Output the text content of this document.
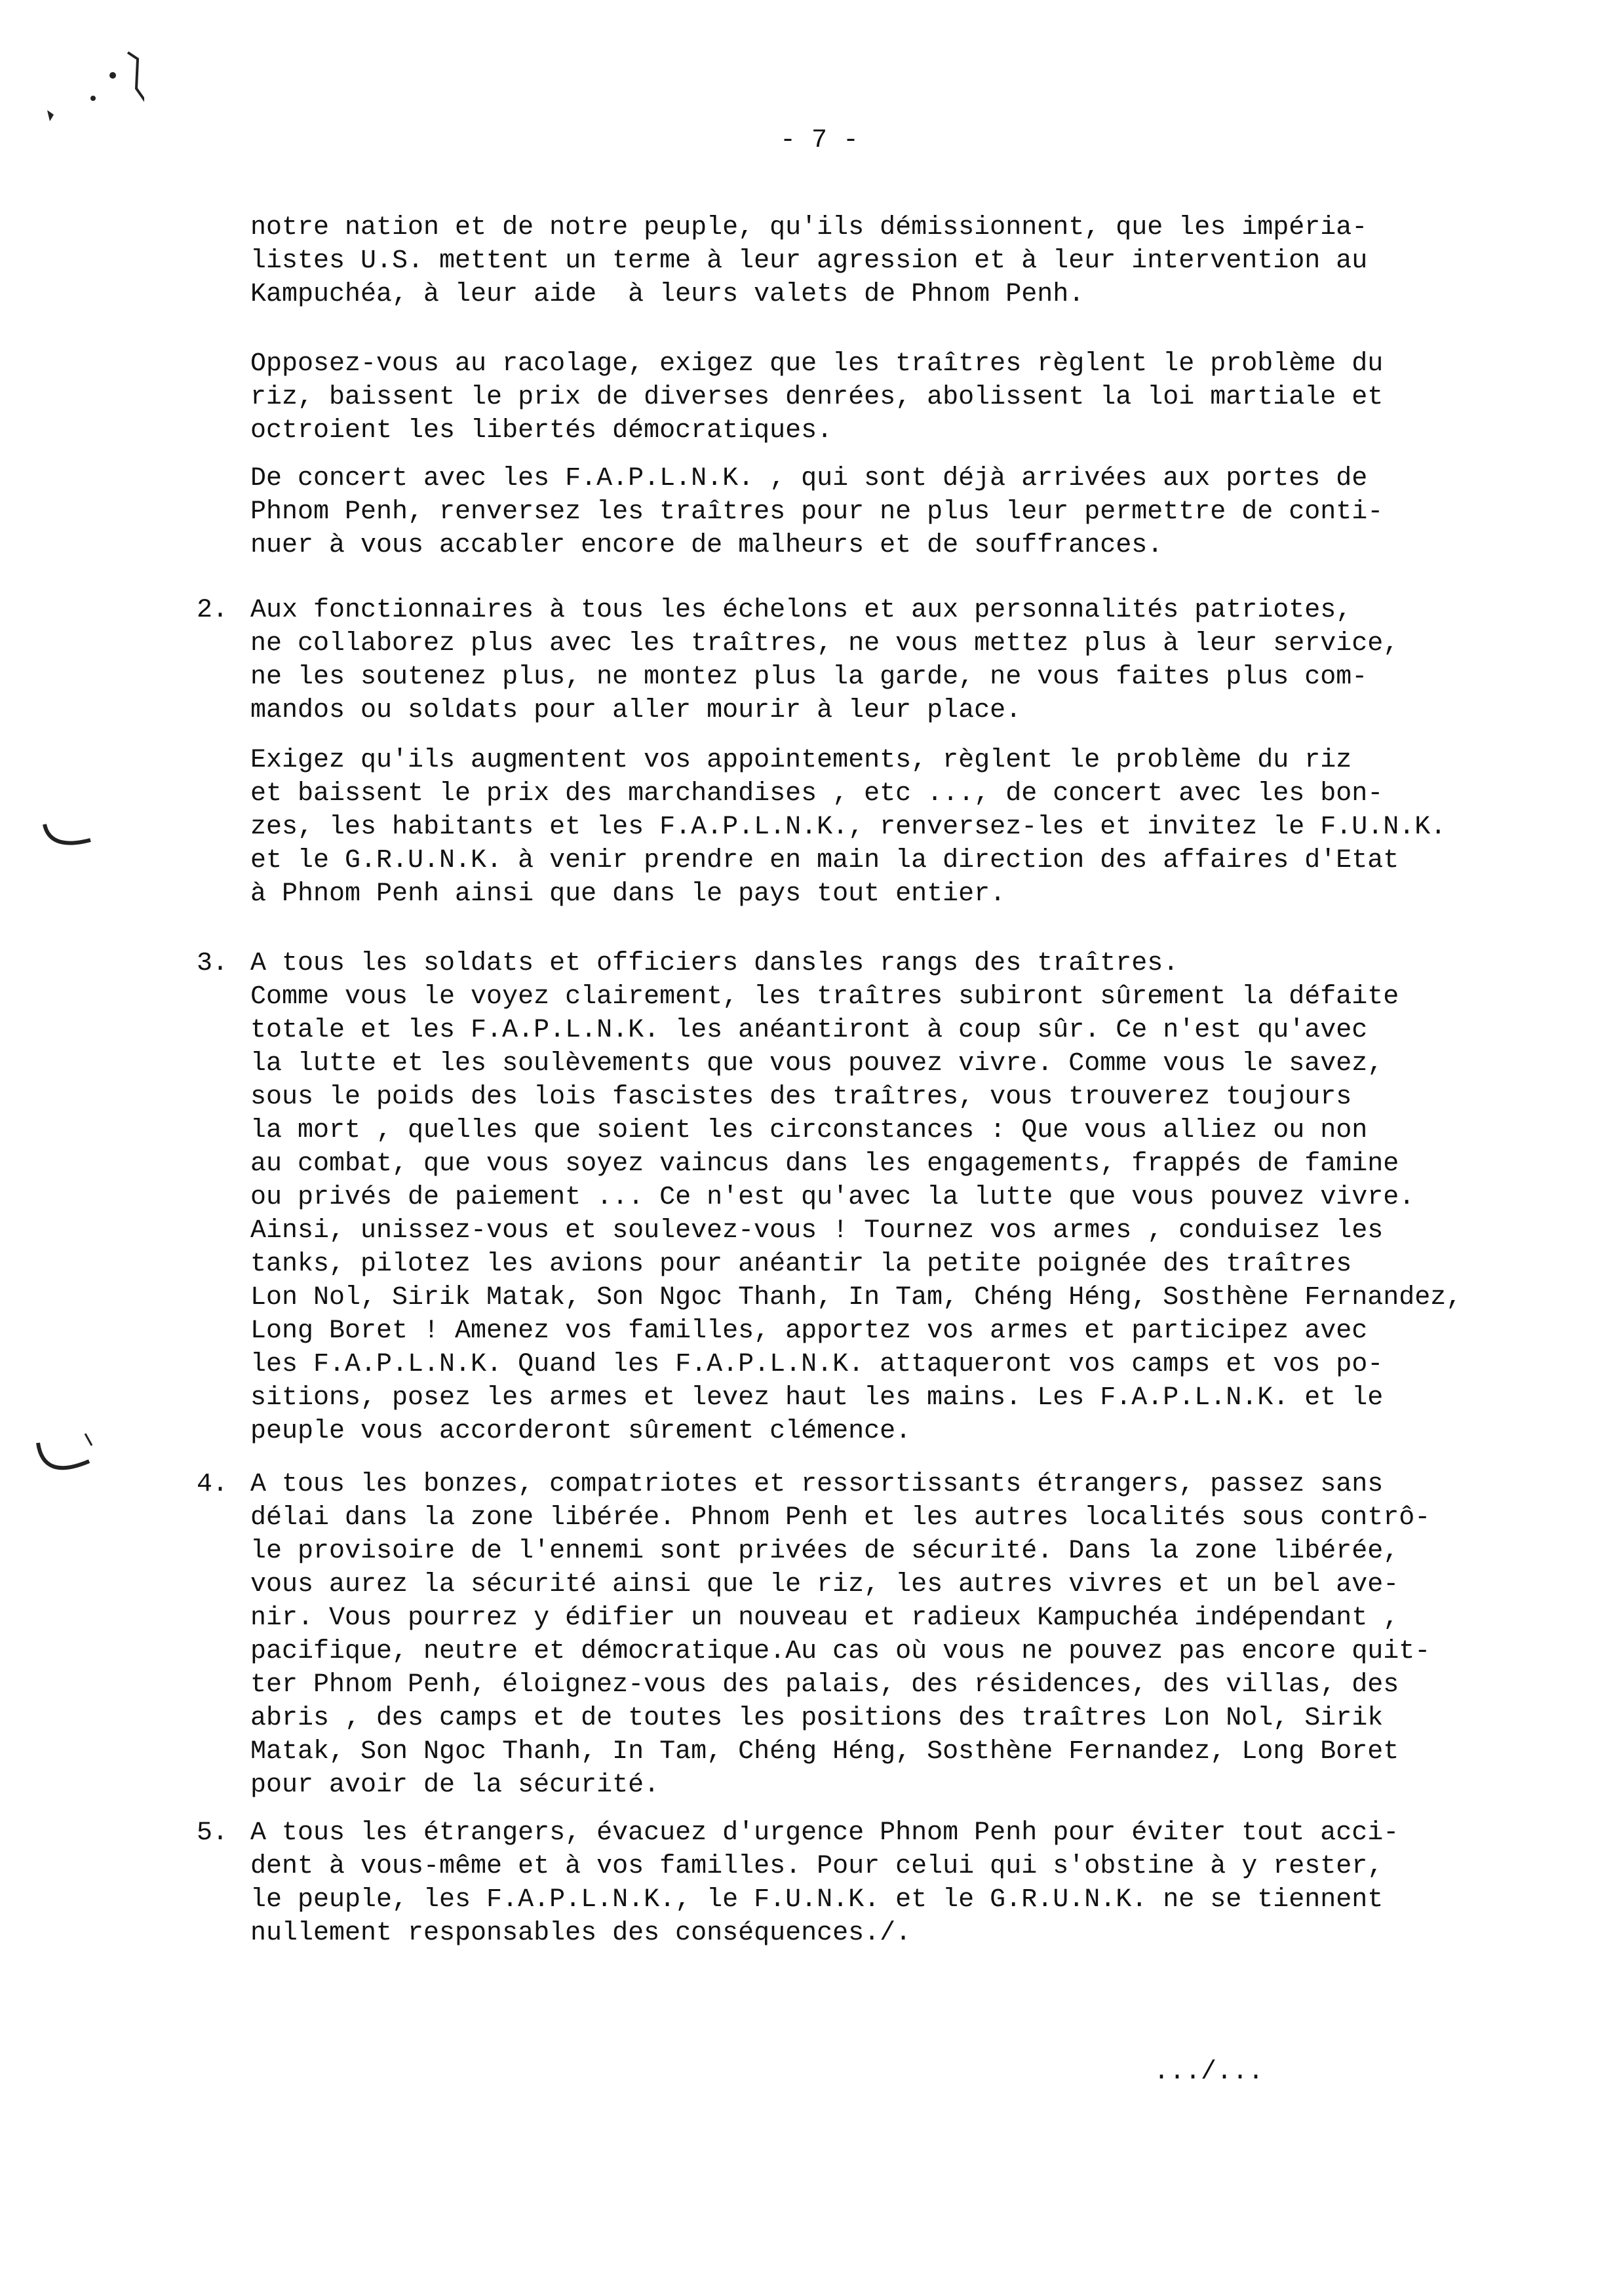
- 7 -
notre nation et de notre peuple, qu'ils démissionnent, que les impéria-
listes U.S. mettent un terme à leur agression et à leur intervention au
Kampuchéa, à leur aide  à leurs valets de Phnom Penh.
Opposez-vous au racolage, exigez que les traîtres règlent le problème du
riz, baissent le prix de diverses denrées, abolissent la loi martiale et
octroient les libertés démocratiques.
De concert avec les F.A.P.L.N.K. , qui sont déjà arrivées aux portes de
Phnom Penh, renversez les traîtres pour ne plus leur permettre de conti-
nuer à vous accabler encore de malheurs et de souffrances.
2. Aux fonctionnaires à tous les échelons et aux personnalités patriotes,
ne collaborez plus avec les traîtres, ne vous mettez plus à leur service,
ne les soutenez plus, ne montez plus la garde, ne vous faites plus com-
mandos ou soldats pour aller mourir à leur place.
Exigez qu'ils augmentent vos appointements, règlent le problème du riz
et baissent le prix des marchandises , etc ..., de concert avec les bon-
zes, les habitants et les F.A.P.L.N.K., renversez-les et invitez le F.U.N.K.
et le G.R.U.N.K. à venir prendre en main la direction des affaires d'Etat
à Phnom Penh ainsi que dans le pays tout entier.
3. A tous les soldats et officiers dansles rangs des traîtres.
Comme vous le voyez clairement, les traîtres subiront sûrement la défaite
totale et les F.A.P.L.N.K. les anéantiront à coup sûr. Ce n'est qu'avec
la lutte et les soulèvements que vous pouvez vivre. Comme vous le savez,
sous le poids des lois fascistes des traîtres, vous trouverez toujours
la mort , quelles que soient les circonstances : Que vous alliez ou non
au combat, que vous soyez vaincus dans les engagements, frappés de famine
ou privés de paiement ... Ce n'est qu'avec la lutte que vous pouvez vivre.
Ainsi, unissez-vous et soulevez-vous ! Tournez vos armes , conduisez les
tanks, pilotez les avions pour anéantir la petite poignée des traîtres
Lon Nol, Sirik Matak, Son Ngoc Thanh, In Tam, Chéng Héng, Sosthène Fernandez,
Long Boret ! Amenez vos familles, apportez vos armes et participez avec
les F.A.P.L.N.K. Quand les F.A.P.L.N.K. attaqueront vos camps et vos po-
sitions, posez les armes et levez haut les mains. Les F.A.P.L.N.K. et le
peuple vous accorderont sûrement clémence.
4. A tous les bonzes, compatriotes et ressortissants étrangers, passez sans
délai dans la zone libérée. Phnom Penh et les autres localités sous contrô-
le provisoire de l'ennemi sont privées de sécurité. Dans la zone libérée,
vous aurez la sécurité ainsi que le riz, les autres vivres et un bel ave-
nir. Vous pourrez y édifier un nouveau et radieux Kampuchéa indépendant ,
pacifique, neutre et démocratique.Au cas où vous ne pouvez pas encore quit-
ter Phnom Penh, éloignez-vous des palais, des résidences, des villas, des
abris , des camps et de toutes les positions des traîtres Lon Nol, Sirik
Matak, Son Ngoc Thanh, In Tam, Chéng Héng, Sosthène Fernandez, Long Boret
pour avoir de la sécurité.
5. A tous les étrangers, évacuez d'urgence Phnom Penh pour éviter tout acci-
dent à vous-même et à vos familles. Pour celui qui s'obstine à y rester,
le peuple, les F.A.P.L.N.K., le F.U.N.K. et le G.R.U.N.K. ne se tiennent
nullement responsables des conséquences./.
.../...
